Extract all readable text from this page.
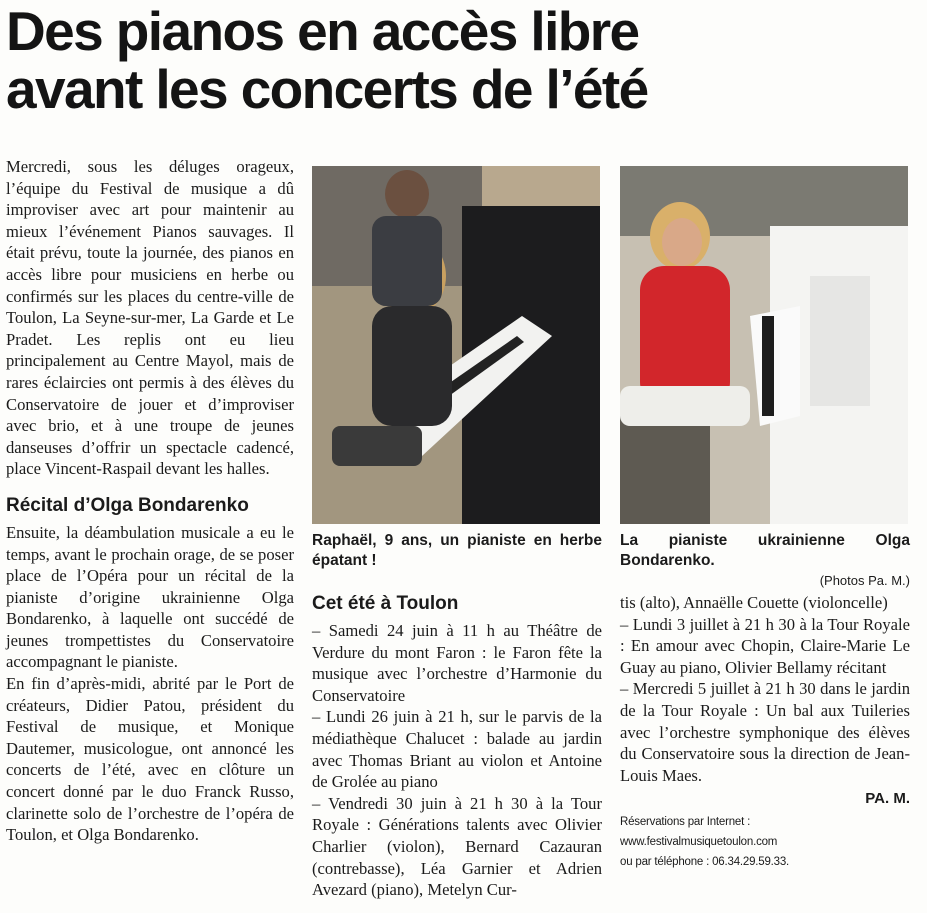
Des pianos en accès libre
avant les concerts de l’été

Mercredi, sous les déluges orageux, l’équipe du Festival de musique a dû improviser avec art pour maintenir au mieux l’événement Pianos sauvages. Il était prévu, toute la journée, des pianos en accès libre pour musiciens en herbe ou confirmés sur les places du centre-ville de Toulon, La Seyne-sur-mer, La Garde et Le Pradet. Les replis ont eu lieu principalement au Centre Mayol, mais de rares éclaircies ont permis à des élèves du Conservatoire de jouer et d’improviser avec brio, et à une troupe de jeunes danseuses d’offrir un spectacle cadencé, place Vincent-Raspail devant les halles.

Récital d’Olga Bondarenko

Ensuite, la déambulation musicale a eu le temps, avant le prochain orage, de se poser place de l’Opéra pour un récital de la pianiste d’origine ukrainienne Olga Bondarenko, à laquelle ont succédé de jeunes trompettistes du Conservatoire accompagnant le pianiste.

En fin d’après-midi, abrité par le Port de créateurs, Didier Patou, président du Festival de musique, et Monique Dautemer, musicologue, ont annoncé les concerts de l’été, avec en clôture un concert donné par le duo Franck Russo, clarinette solo de l’orchestre de l’opéra de Toulon, et Olga Bondarenko.

Raphaël, 9 ans, un pianiste en herbe épatant !
La pianiste ukrainienne Olga Bondarenko.
(Photos Pa. M.)
Cet été à Toulon

– Samedi 24 juin à 11 h au Théâtre de Verdure du mont Faron : le Faron fête la musique avec l’orchestre d’Harmonie du Conservatoire

– Lundi 26 juin à 21 h, sur le parvis de la médiathèque Chalucet : balade au jardin avec Thomas Briant au violon et Antoine de Grolée au piano

– Vendredi 30 juin à 21 h 30 à la Tour Royale : Générations talents avec Olivier Charlier (violon), Bernard Cazauran (contrebasse), Léa Garnier et Adrien Avezard (piano), Metelyn Cur-

tis (alto), Annaëlle Couette (violoncelle)

– Lundi 3 juillet à 21 h 30 à la Tour Royale : En amour avec Chopin, Claire-Marie Le Guay au piano, Olivier Bellamy récitant

– Mercredi 5 juillet à 21 h 30 dans le jardin de la Tour Royale : Un bal aux Tuileries avec l’orchestre symphonique des élèves du Conservatoire sous la direction de Jean-Louis Maes.

PA. M.
Réservations par Internet : www.festivalmusiquetoulon.com
ou par téléphone : 06.34.29.59.33.
